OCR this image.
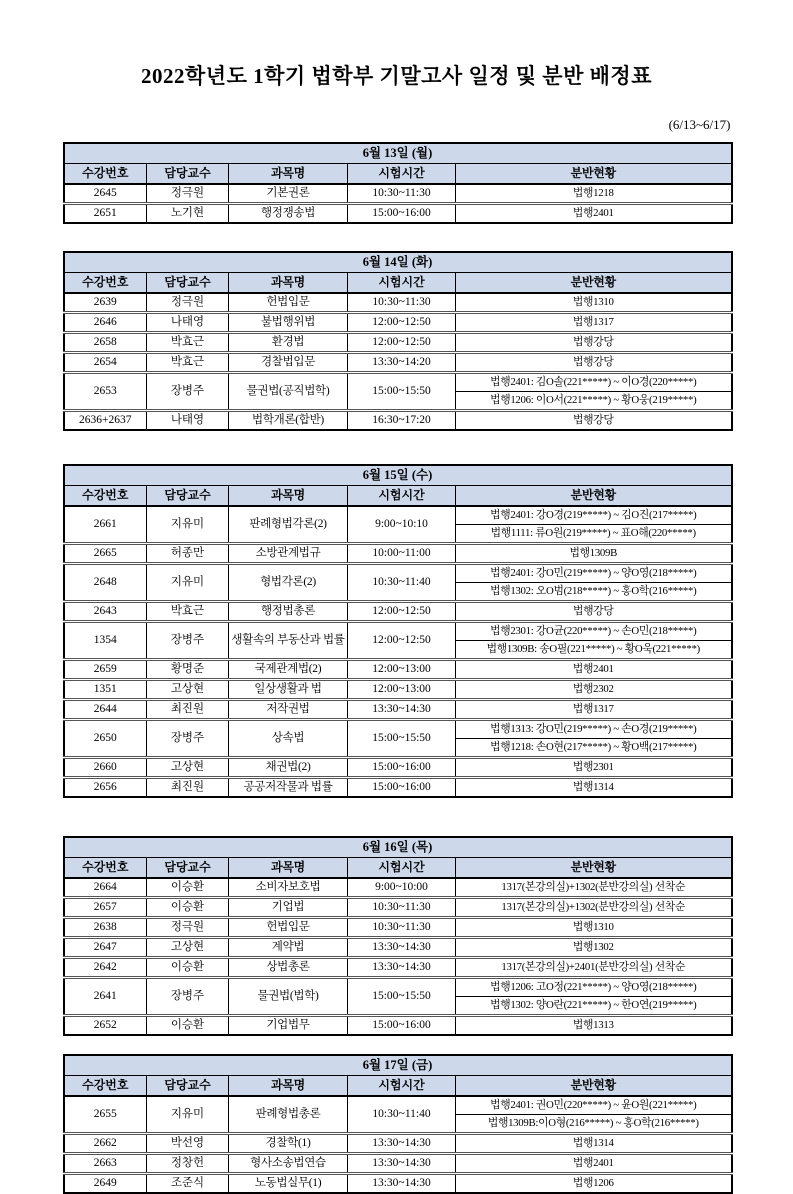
2022학년도 1학기 법학부 기말고사 일정 및 분반 배정표
(6/13~6/17)
6월 13일 (월)				
수강번호	담당교수	과목명	시험시간	분반현황
2645	정극원	기본권론	10:30~11:30	법행1218
2651	노기현	행정쟁송법	15:00~16:00	법행2401
6월 14일 (화)				
수강번호	담당교수	과목명	시험시간	분반현황
2639	정극원	헌법입문	10:30~11:30	법행1310
2646	나태영	불법행위법	12:00~12:50	법행1317
2658	박효근	환경법	12:00~12:50	법행강당
2654	박효근	경찰법입문	13:30~14:20	법행강당
2653	장병주	물권법(공직법학)	15:00~15:50	법행2401: 김O솔(221*****) ~ 이O경(220*****)
				법행1206: 이O서(221*****) ~ 황O웅(219*****)
2636+2637	나태영	법학개론(합반)	16:30~17:20	법행강당
6월 15일 (수)				
수강번호	담당교수	과목명	시험시간	분반현황
2661	지유미	판례형법각론(2)	9:00~10:10	법행2401: 강O경(219*****) ~ 김O진(217*****)
				법행1111: 류O원(219*****) ~ 표O해(220*****)
2665	허종만	소방관계법규	10:00~11:00	법행1309B
2648	지유미	형법각론(2)	10:30~11:40	법행2401: 강O민(219*****) ~ 양O영(218*****)
				법행1302: 오O범(218*****) ~ 홍O학(216*****)
2643	박효근	행정법총론	12:00~12:50	법행강당
1354	장병주	생활속의 부동산과 법률	12:00~12:50	법행2301: 강O균(220*****) ~ 손O민(218*****)
				법행1309B: 송O필(221*****) ~ 황O욱(221*****)
2659	황명준	국제관계법(2)	12:00~13:00	법행2401
1351	고상현	일상생활과 법	12:00~13:00	법행2302
2644	최진원	저작권법	13:30~14:30	법행1317
2650	장병주	상속법	15:00~15:50	법행1313: 강O민(219*****) ~ 손O경(219*****)
				법행1218: 손O현(217*****) ~ 황O백(217*****)
2660	고상현	채권법(2)	15:00~16:00	법행2301
2656	최진원	공공저작물과 법률	15:00~16:00	법행1314
6월 16일 (목)				
수강번호	담당교수	과목명	시험시간	분반현황
2664	이승환	소비자보호법	9:00~10:00	1317(본강의실)+1302(분반강의실) 선착순
2657	이승환	기업법	10:30~11:30	1317(본강의실)+1302(분반강의실) 선착순
2638	정극원	헌법입문	10:30~11:30	법행1310
2647	고상현	계약법	13:30~14:30	법행1302
2642	이승환	상법총론	13:30~14:30	1317(본강의실)+2401(분반강의실) 선착순
2641	장병주	물권법(법학)	15:00~15:50	법행1206: 고O정(221*****) ~ 양O영(218*****)
				법행1302: 양O란(221*****) ~ 한O연(219*****)
2652	이승환	기업법무	15:00~16:00	법행1313
6월 17일 (금)				
수강번호	담당교수	과목명	시험시간	분반현황
2655	지유미	판례형법총론	10:30~11:40	법행2401: 권O민(220*****) ~ 윤O원(221*****)
				법행1309B:이O형(216*****) ~ 홍O학(216*****)
2662	박선영	경찰학(1)	13:30~14:30	법행1314
2663	정창헌	형사소송법연습	13:30~14:30	법행2401
2649	조준식	노동법실무(1)	13:30~14:30	법행1206
